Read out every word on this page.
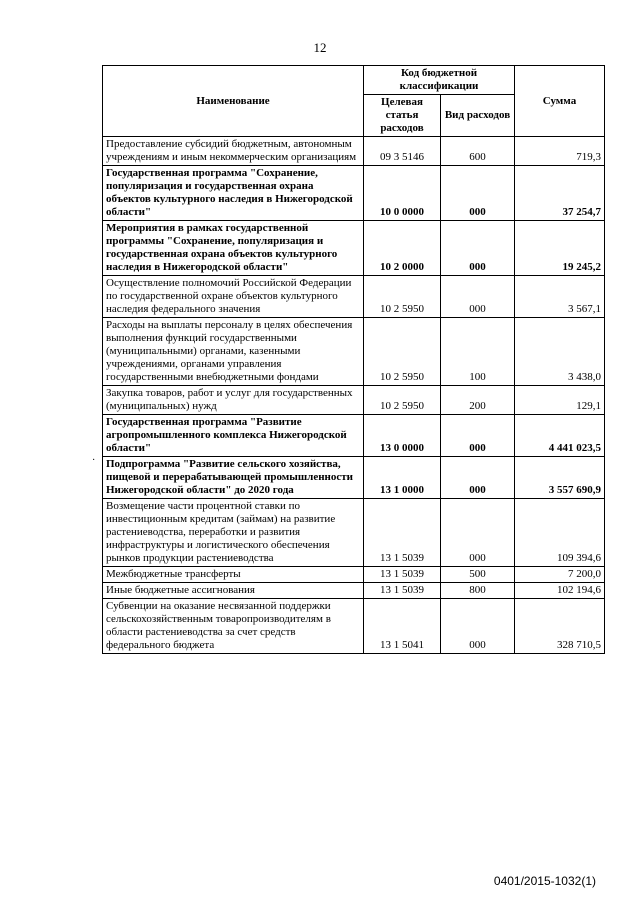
12
Наименование	Код бюджетной классификации		Сумма
	Целевая статья расходов	Вид расходов	
Предоставление субсидий бюджетным, автономным учреждениям и иным некоммерческим организациям	09 3 5146	600	719,3
Государственная программа "Сохранение, популяризация и государственная охрана объектов культурного наследия в Нижегородской области"	10 0 0000	000	37 254,7
Мероприятия в рамках государственной программы "Сохранение, популяризация и государственная охрана объектов культурного наследия в Нижегородской области"	10 2 0000	000	19 245,2
Осуществление полномочий Российской Федерации по государственной охране объектов культурного наследия федерального значения	10 2 5950	000	3 567,1
Расходы на выплаты персоналу в целях обеспечения выполнения функций государственными (муниципальными) органами, казенными учреждениями, органами управления государственными внебюджетными фондами	10 2 5950	100	3 438,0
Закупка товаров, работ и услуг для государственных (муниципальных) нужд	10 2 5950	200	129,1
Государственная программа "Развитие агропромышленного комплекса Нижегородской области"	13 0 0000	000	4 441 023,5
Подпрограмма "Развитие сельского хозяйства, пищевой и перерабатывающей промышленности Нижегородской области" до 2020 года	13 1 0000	000	3 557 690,9
Возмещение части процентной ставки по инвестиционным кредитам (займам) на развитие растениеводства, переработки и развития инфраструктуры и логистического обеспечения рынков продукции растениеводства	13 1 5039	000	109 394,6
Межбюджетные трансферты	13 1 5039	500	7 200,0
Иные бюджетные ассигнования	13 1 5039	800	102 194,6
Субвенции на оказание несвязанной поддержки сельскохозяйственным товаропроизводителям в области растениеводства за счет средств федерального бюджета	13 1 5041	000	328 710,5
·
0401/2015-1032(1)
